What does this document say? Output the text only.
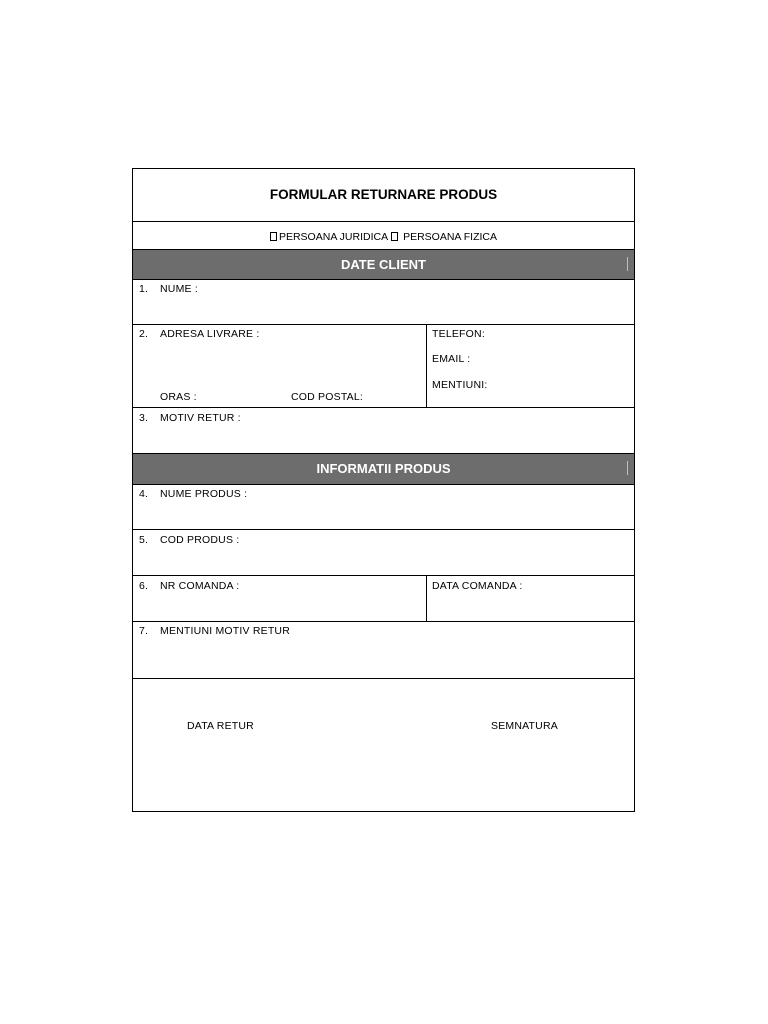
FORMULAR RETURNARE PRODUS
PERSOANA JURIDICA PERSOANA FIZICA
DATE CLIENT
1. NUME :
2. ADRESA LIVRARE :
ORAS :	COD POSTAL:
TELEFON:
EMAIL :
MENTIUNI:
3. MOTIV RETUR :
INFORMATII PRODUS
4. NUME PRODUS :
5. COD PRODUS :
6. NR COMANDA :	DATA COMANDA :
7. MENTIUNI MOTIV RETUR
DATA RETUR	SEMNATURA
